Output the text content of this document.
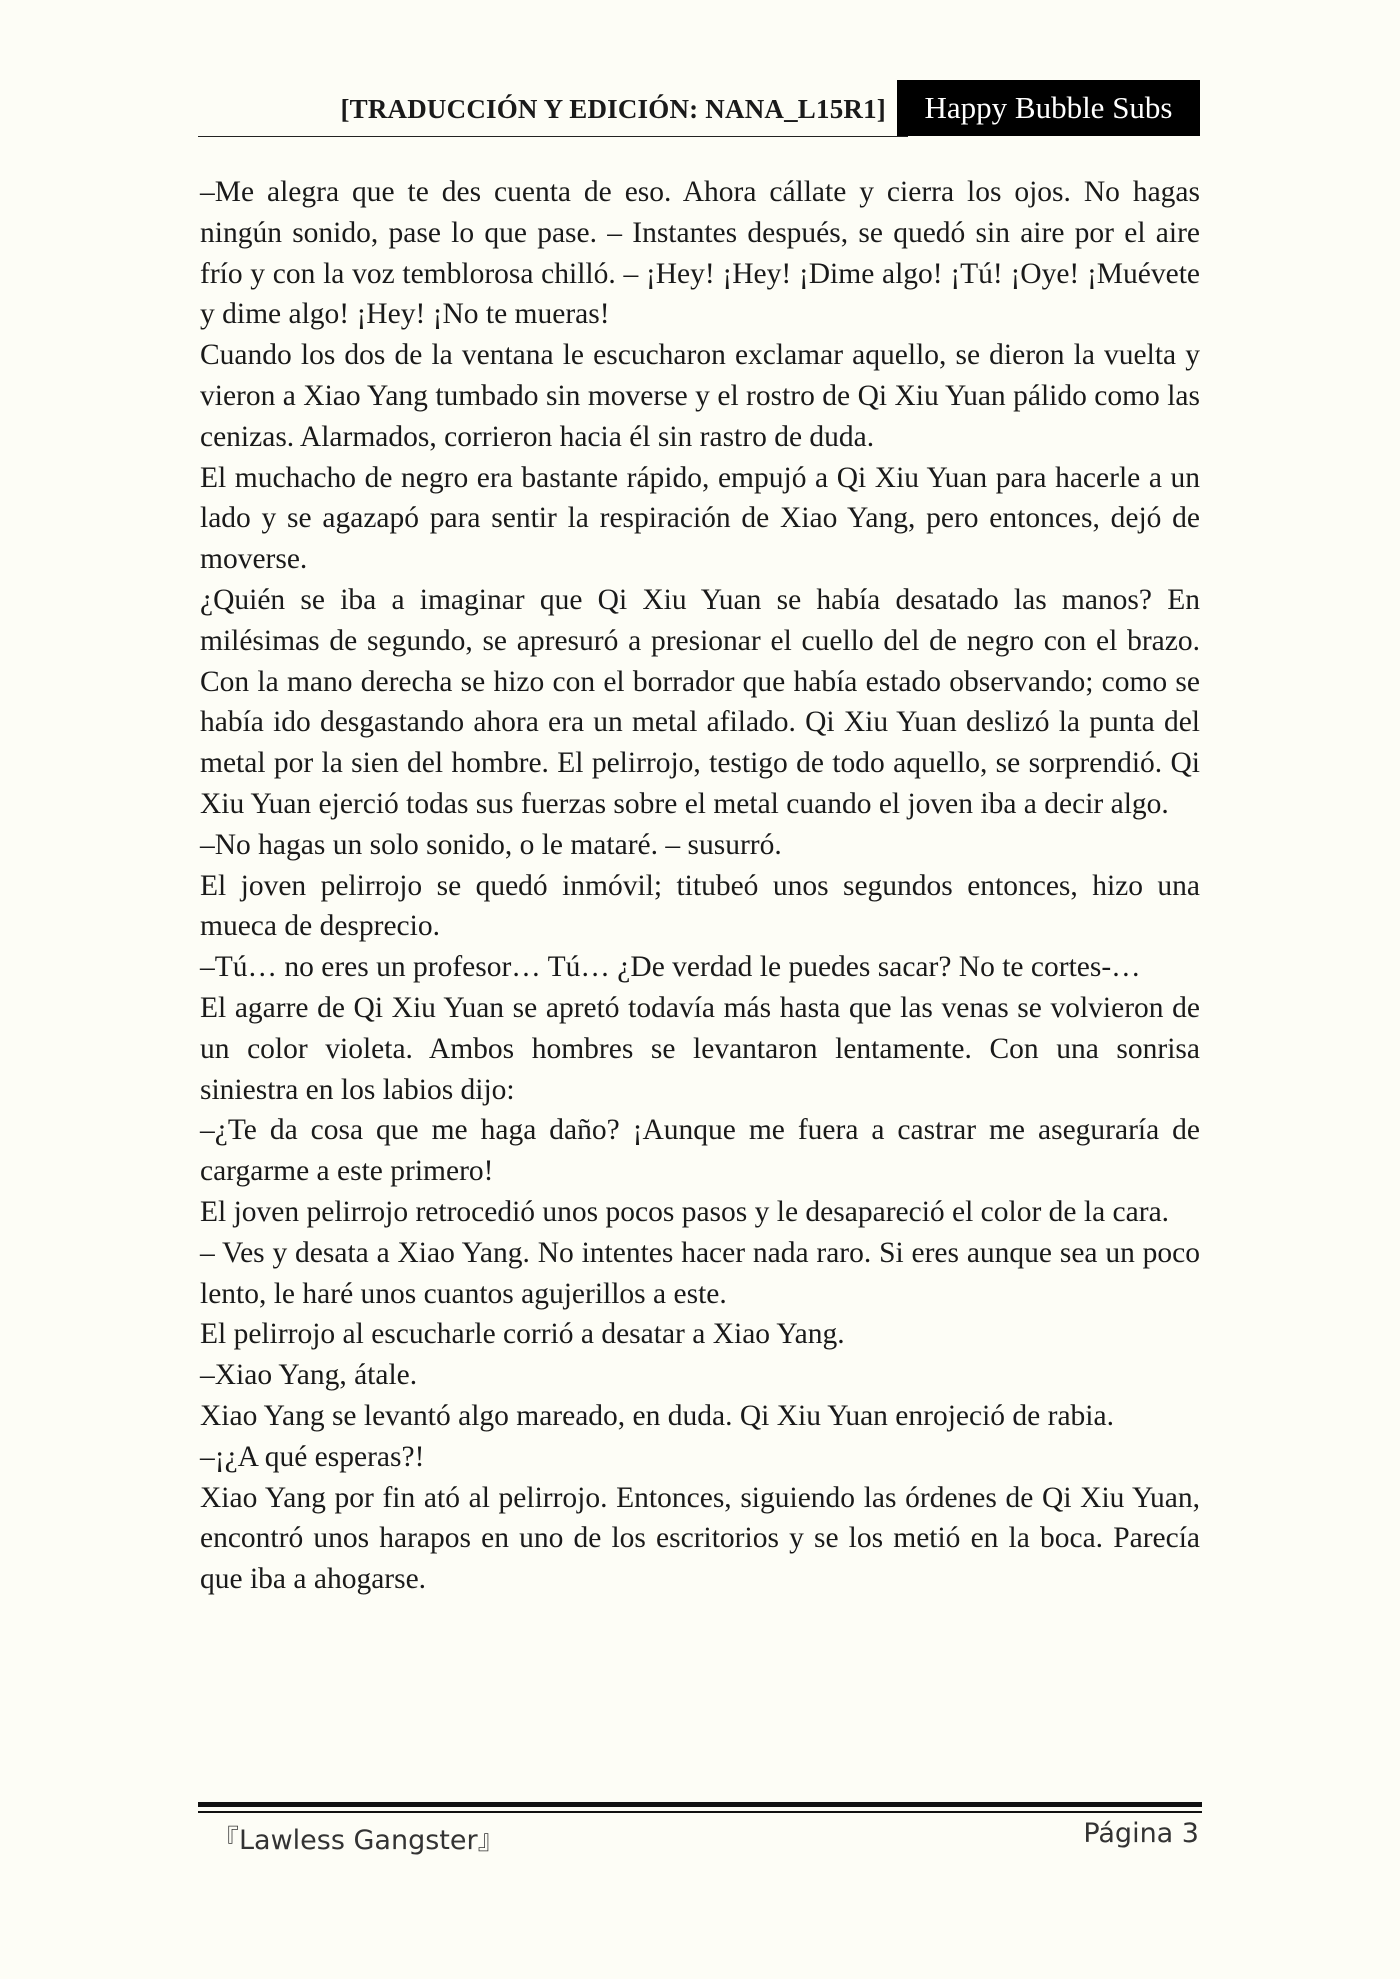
[TRADUCCIÓN Y EDICIÓN: NANA_L15R1]	Happy Bubble Subs

–Me alegra que te des cuenta de eso. Ahora cállate y cierra los ojos. No hagas ningún sonido, pase lo que pase. – Instantes después, se quedó sin aire por el aire frío y con la voz temblorosa chilló. – ¡Hey! ¡Hey! ¡Dime algo! ¡Tú! ¡Oye! ¡Muévete y dime algo! ¡Hey! ¡No te mueras!

Cuando los dos de la ventana le escucharon exclamar aquello, se dieron la vuelta y vieron a Xiao Yang tumbado sin moverse y el rostro de Qi Xiu Yuan pálido como las cenizas. Alarmados, corrieron hacia él sin rastro de duda.

El muchacho de negro era bastante rápido, empujó a Qi Xiu Yuan para hacerle a un lado y se agazapó para sentir la respiración de Xiao Yang, pero entonces, dejó de moverse.

¿Quién se iba a imaginar que Qi Xiu Yuan se había desatado las manos? En milésimas de segundo, se apresuró a presionar el cuello del de negro con el brazo. Con la mano derecha se hizo con el borrador que había estado observando; como se había ido desgastando ahora era un metal afilado. Qi Xiu Yuan deslizó la punta del metal por la sien del hombre. El pelirrojo, testigo de todo aquello, se sorprendió. Qi Xiu Yuan ejerció todas sus fuerzas sobre el metal cuando el joven iba a decir algo.

–No hagas un solo sonido, o le mataré. – susurró.

El joven pelirrojo se quedó inmóvil; titubeó unos segundos entonces, hizo una mueca de desprecio.

–Tú… no eres un profesor… Tú… ¿De verdad le puedes sacar? No te cortes-…

El agarre de Qi Xiu Yuan se apretó todavía más hasta que las venas se volvieron de un color violeta. Ambos hombres se levantaron lentamente. Con una sonrisa siniestra en los labios dijo:

–¿Te da cosa que me haga daño? ¡Aunque me fuera a castrar me aseguraría de cargarme a este primero!

El joven pelirrojo retrocedió unos pocos pasos y le desapareció el color de la cara.

– Ves y desata a Xiao Yang. No intentes hacer nada raro. Si eres aunque sea un poco lento, le haré unos cuantos agujerillos a este.

El pelirrojo al escucharle corrió a desatar a Xiao Yang.

–Xiao Yang, átale.

Xiao Yang se levantó algo mareado, en duda. Qi Xiu Yuan enrojeció de rabia.

–¡¿A qué esperas?!

Xiao Yang por fin ató al pelirrojo. Entonces, siguiendo las órdenes de Qi Xiu Yuan, encontró unos harapos en uno de los escritorios y se los metió en la boca. Parecía que iba a ahogarse.

『Lawless Gangster』	Página 3
